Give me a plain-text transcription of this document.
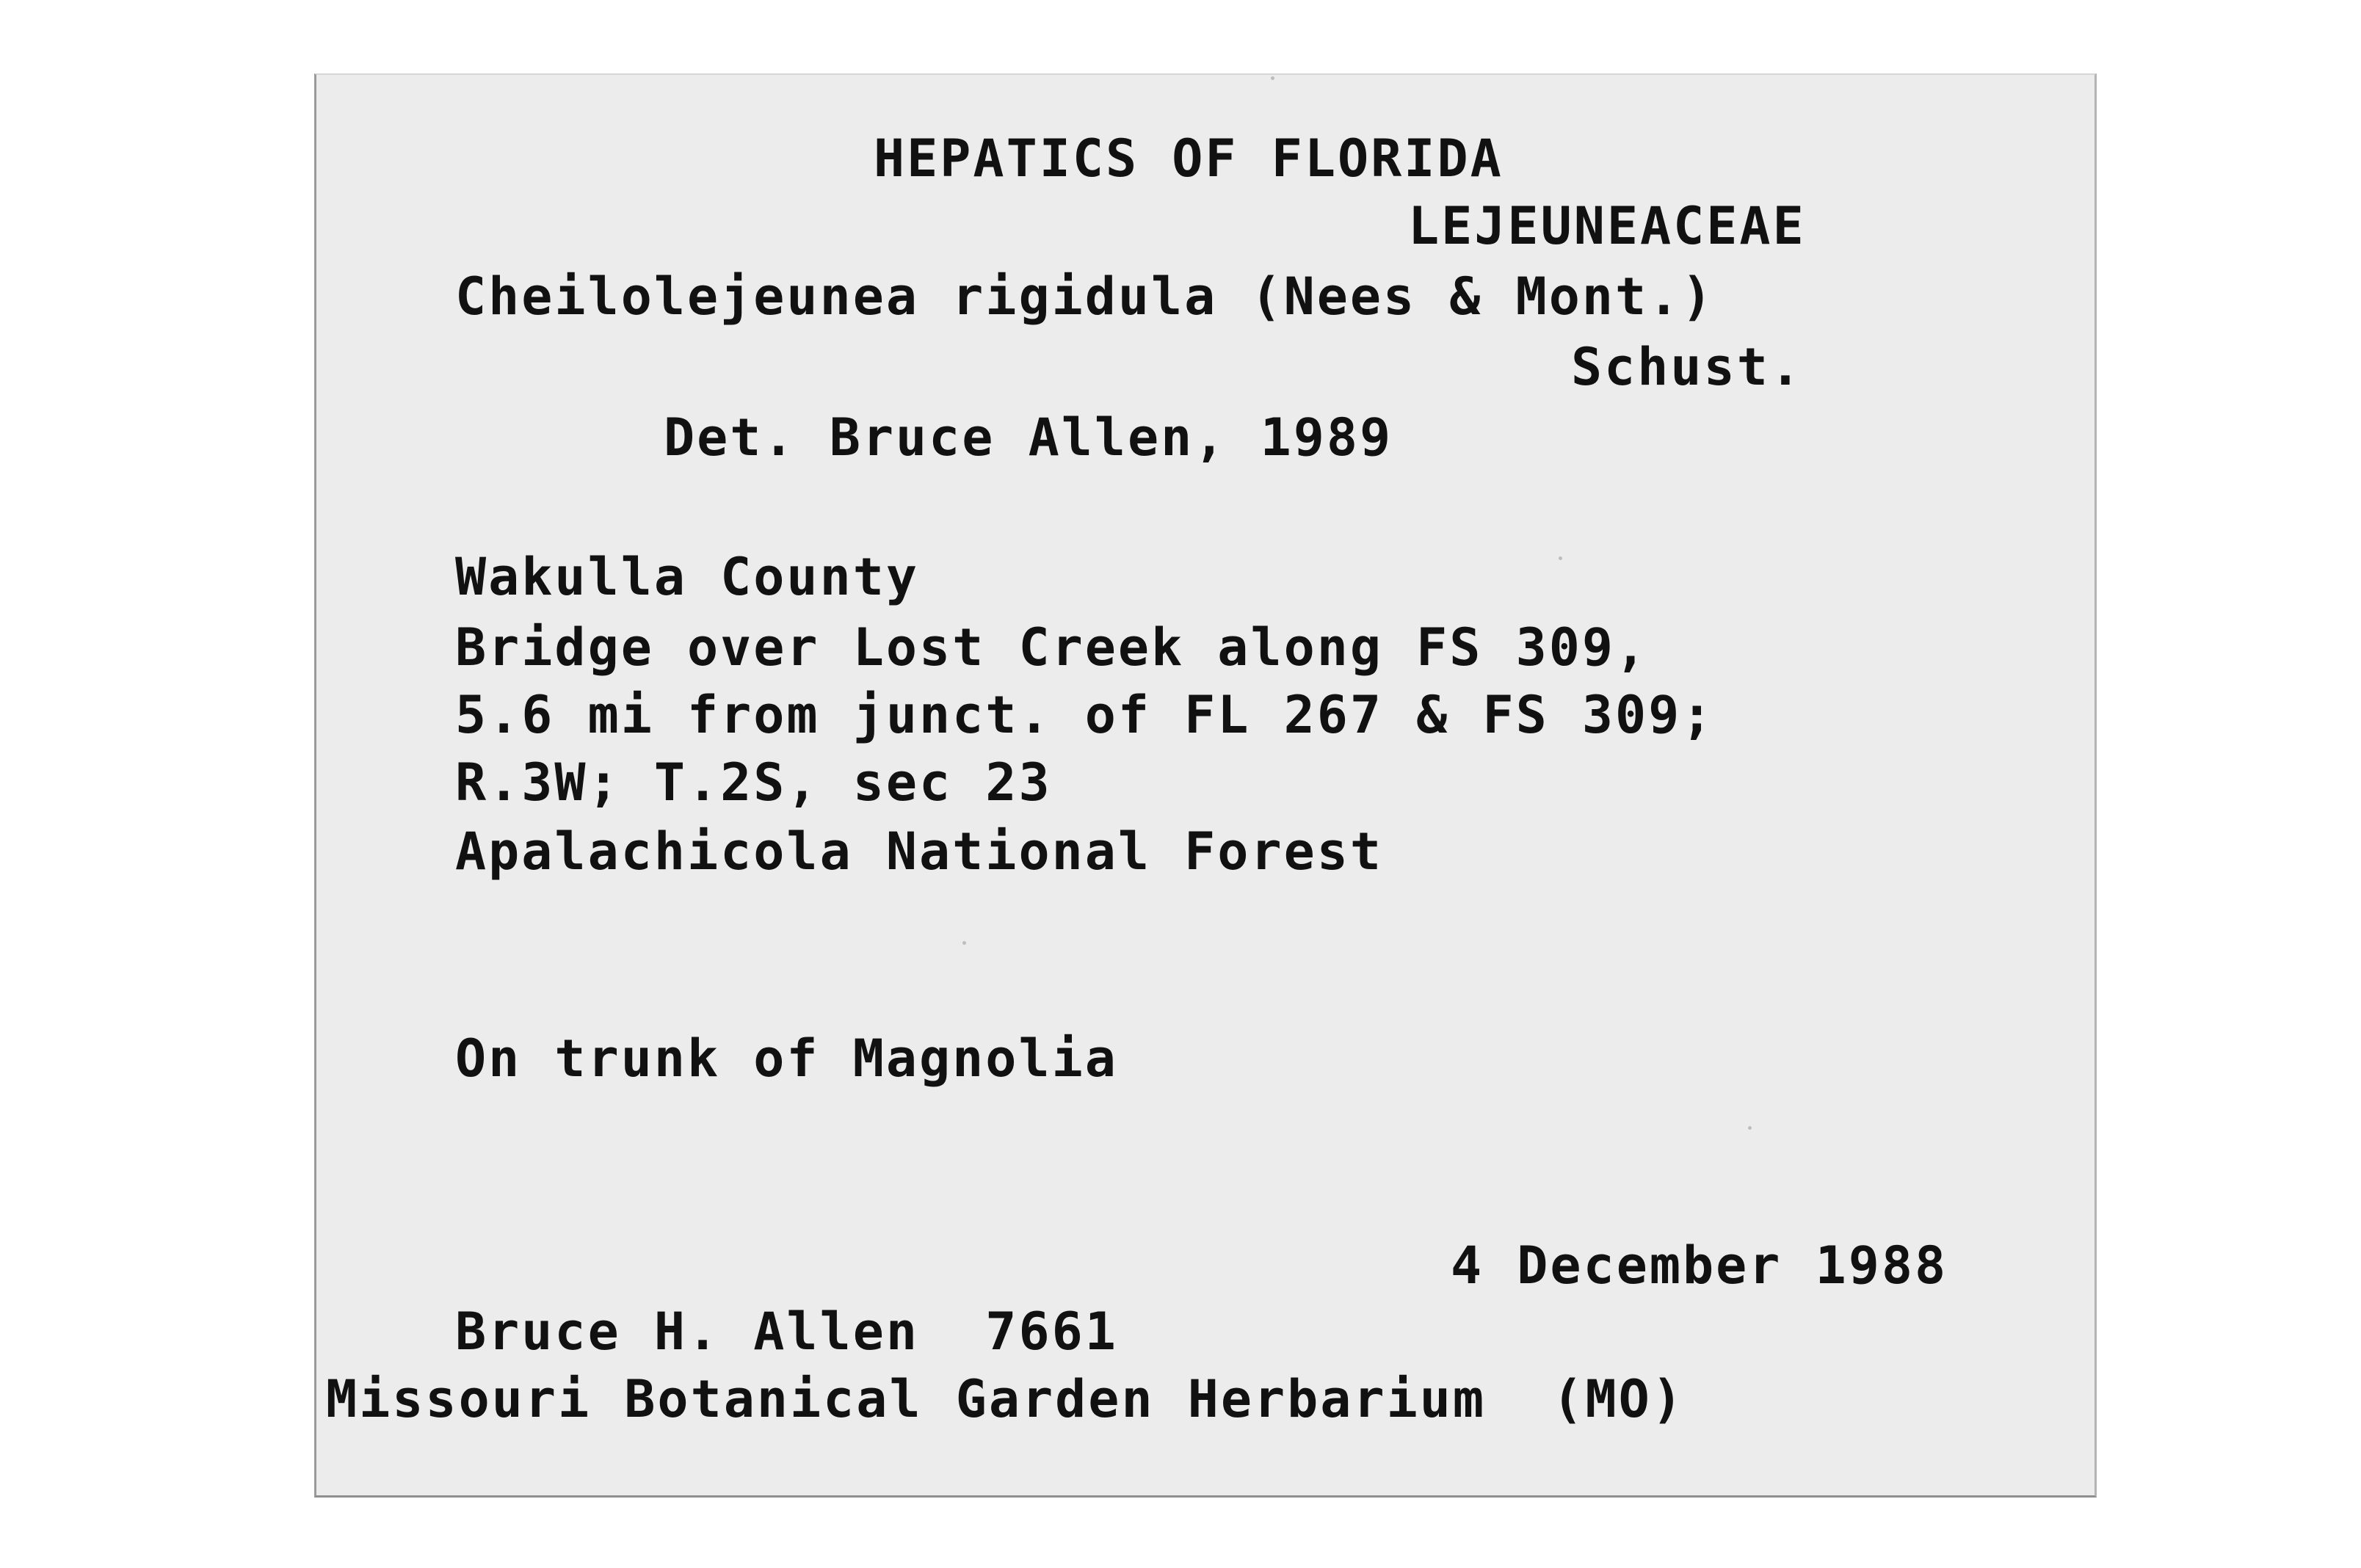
HEPATICS OF FLORIDA

LEJEUNEACEAE

Cheilolejeunea rigidula (Nees & Mont.)

Schust.

Det. Bruce Allen, 1989

Wakulla County

Bridge over Lost Creek along FS 309,

5.6 mi from junct. of FL 267 & FS 309;

R.3W; T.2S, sec 23

Apalachicola National Forest

On trunk of Magnolia

4 December 1988

Bruce H. Allen  7661

Missouri Botanical Garden Herbarium  (MO)
